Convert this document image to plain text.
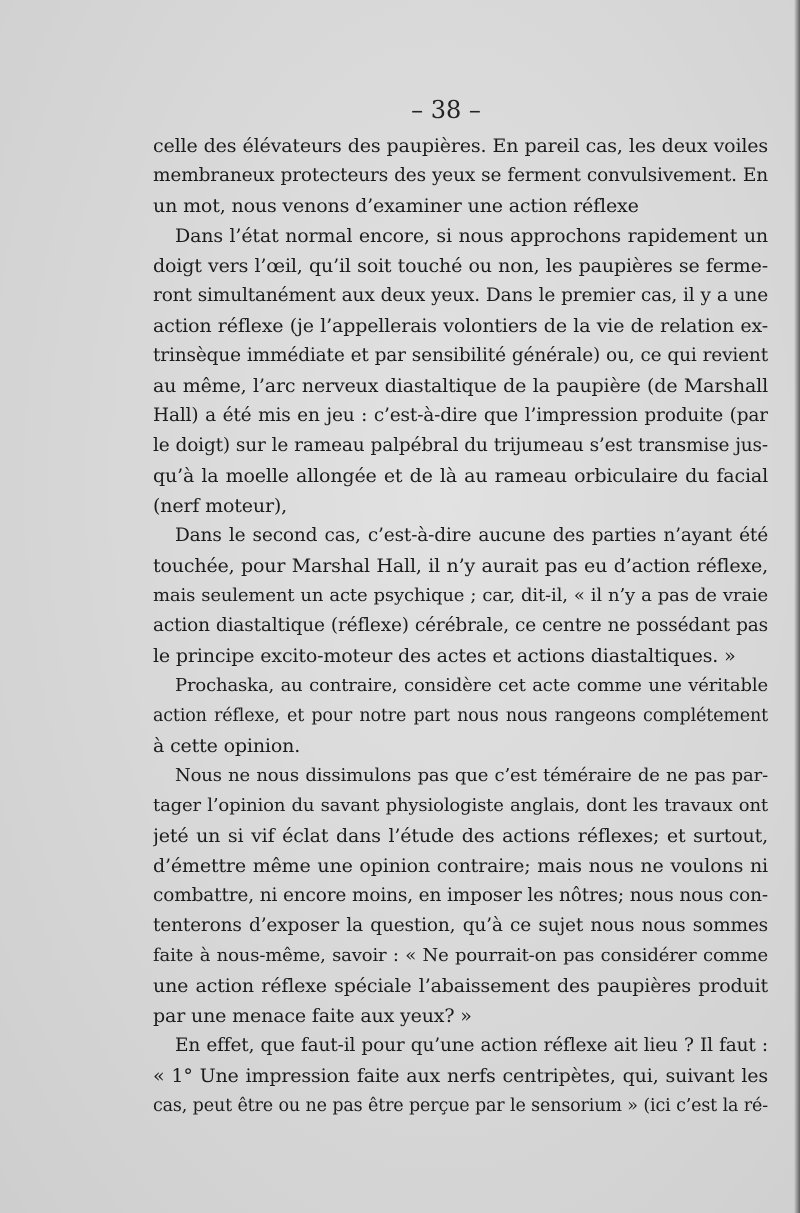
– 38 –
celle des élévateurs des paupières. En pareil cas, les deux voiles
membraneux protecteurs des yeux se ferment convulsivement. En
un mot, nous venons d’examiner une action réflexe
Dans l’état normal encore, si nous approchons rapidement un
doigt vers l’œil, qu’il soit touché ou non, les paupières se ferme-
ront simultanément aux deux yeux. Dans le premier cas, il y a une
action réflexe (je l’appellerais volontiers de la vie de relation ex-
trinsèque immédiate et par sensibilité générale) ou, ce qui revient
au même, l’arc nerveux diastaltique de la paupière (de Marshall
Hall) a été mis en jeu : c’est-à-dire que l’impression produite (par
le doigt) sur le rameau palpébral du trijumeau s’est transmise jus-
qu’à la moelle allongée et de là au rameau orbiculaire du facial
(nerf moteur),
Dans le second cas, c’est-à-dire aucune des parties n’ayant été
touchée, pour Marshal Hall, il n’y aurait pas eu d’action réflexe,
mais seulement un acte psychique ; car, dit-il, « il n’y a pas de vraie
action diastaltique (réflexe) cérébrale, ce centre ne possédant pas
le principe excito-moteur des actes et actions diastaltiques. »
Prochaska, au contraire, considère cet acte comme une véritable
action réflexe, et pour notre part nous nous rangeons complétement
à cette opinion.
Nous ne nous dissimulons pas que c’est téméraire de ne pas par-
tager l’opinion du savant physiologiste anglais, dont les travaux ont
jeté un si vif éclat dans l’étude des actions réflexes; et surtout,
d’émettre même une opinion contraire; mais nous ne voulons ni
combattre, ni encore moins, en imposer les nôtres; nous nous con-
tenterons d’exposer la question, qu’à ce sujet nous nous sommes
faite à nous-même, savoir : « Ne pourrait-on pas considérer comme
une action réflexe spéciale l’abaissement des paupières produit
par une menace faite aux yeux? »
En effet, que faut-il pour qu’une action réflexe ait lieu ? Il faut :
« 1° Une impression faite aux nerfs centripètes, qui, suivant les
cas, peut être ou ne pas être perçue par le sensorium » (ici c’est la ré-
